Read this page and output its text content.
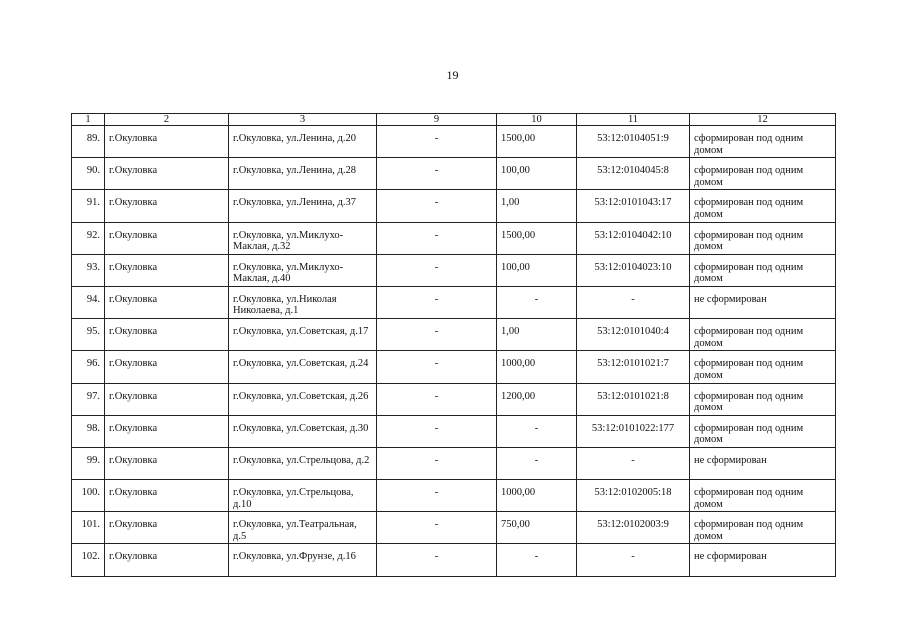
19
1	2	3	9	10	11	12
89.	г.Окуловка	г.Окуловка, ул.Ленина, д.20	-	1500,00	53:12:0104051:9	сформирован под одним домом
90.	г.Окуловка	г.Окуловка, ул.Ленина, д.28	-	100,00	53:12:0104045:8	сформирован под одним домом
91.	г.Окуловка	г.Окуловка, ул.Ленина, д.37	-	1,00	53:12:0101043:17	сформирован под одним домом
92.	г.Окуловка	г.Окуловка, ул.Миклухо-Маклая, д.32	-	1500,00	53:12:0104042:10	сформирован под одним домом
93.	г.Окуловка	г.Окуловка, ул.Миклухо-Маклая, д.40	-	100,00	53:12:0104023:10	сформирован под одним домом
94.	г.Окуловка	г.Окуловка, ул.Николая Николаева, д.1	-	-	-	не сформирован
95.	г.Окуловка	г.Окуловка, ул.Советская, д.17	-	1,00	53:12:0101040:4	сформирован под одним домом
96.	г.Окуловка	г.Окуловка, ул.Советская, д.24	-	1000,00	53:12:0101021:7	сформирован под одним домом
97.	г.Окуловка	г.Окуловка, ул.Советская, д.26	-	1200,00	53:12:0101021:8	сформирован под одним домом
98.	г.Окуловка	г.Окуловка, ул.Советская, д.30	-	-	53:12:0101022:177	сформирован под одним домом
99.	г.Окуловка	г.Окуловка, ул.Стрельцова, д.2	-	-	-	не сформирован
100.	г.Окуловка	г.Окуловка, ул.Стрельцова, д.10	-	1000,00	53:12:0102005:18	сформирован под одним домом
101.	г.Окуловка	г.Окуловка, ул.Театральная, д.5	-	750,00	53:12:0102003:9	сформирован под одним домом
102.	г.Окуловка	г.Окуловка, ул.Фрунзе, д.16	-	-	-	не сформирован
